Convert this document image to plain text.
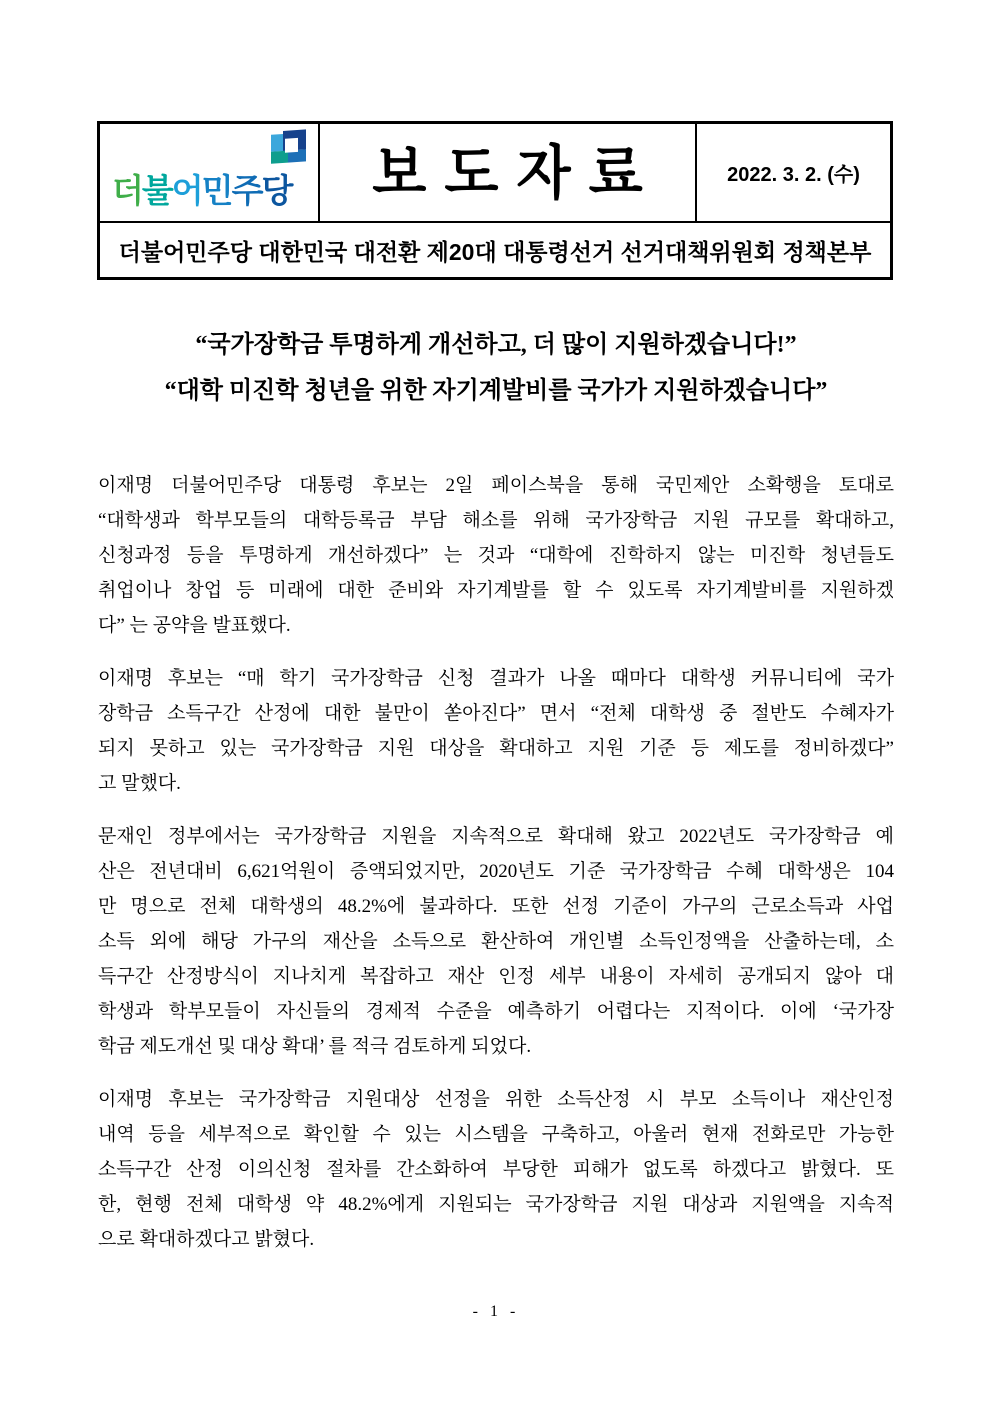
더불어민주당 보도자료	2022. 3. 2. (수)
더불어민주당 대한민국 대전환 제20대 대통령선거 선거대책위원회 정책본부
“국가장학금 투명하게 개선하고, 더 많이 지원하겠습니다!”
“대학 미진학 청년을 위한 자기계발비를 국가가 지원하겠습니다”
이재명 더불어민주당 대통령 후보는 2일 페이스북을 통해 국민제안 소확행을 토대로
“대학생과 학부모들의 대학등록금 부담 해소를 위해 국가장학금 지원 규모를 확대하고,
신청과정 등을 투명하게 개선하겠다” 는 것과 “대학에 진학하지 않는 미진학 청년들도
취업이나 창업 등 미래에 대한 준비와 자기계발를 할 수 있도록 자기계발비를 지원하겠
다” 는 공약을 발표했다.
이재명 후보는 “매 학기 국가장학금 신청 결과가 나올 때마다 대학생 커뮤니티에 국가
장학금 소득구간 산정에 대한 불만이 쏟아진다” 면서 “전체 대학생 중 절반도 수혜자가
되지 못하고 있는 국가장학금 지원 대상을 확대하고 지원 기준 등 제도를 정비하겠다”
고 말했다.
문재인 정부에서는 국가장학금 지원을 지속적으로 확대해 왔고 2022년도 국가장학금 예
산은 전년대비 6,621억원이 증액되었지만, 2020년도 기준 국가장학금 수혜 대학생은 104
만 명으로 전체 대학생의 48.2%에 불과하다. 또한 선정 기준이 가구의 근로소득과 사업
소득 외에 해당 가구의 재산을 소득으로 환산하여 개인별 소득인정액을 산출하는데, 소
득구간 산정방식이 지나치게 복잡하고 재산 인정 세부 내용이 자세히 공개되지 않아 대
학생과 학부모들이 자신들의 경제적 수준을 예측하기 어렵다는 지적이다. 이에 ‘국가장
학금 제도개선 및 대상 확대’ 를 적극 검토하게 되었다.
이재명 후보는 국가장학금 지원대상 선정을 위한 소득산정 시 부모 소득이나 재산인정
내역 등을 세부적으로 확인할 수 있는 시스템을 구축하고, 아울러 현재 전화로만 가능한
소득구간 산정 이의신청 절차를 간소화하여 부당한 피해가 없도록 하겠다고 밝혔다. 또
한, 현행 전체 대학생 약 48.2%에게 지원되는 국가장학금 지원 대상과 지원액을 지속적
으로 확대하겠다고 밝혔다.
- 1 -
